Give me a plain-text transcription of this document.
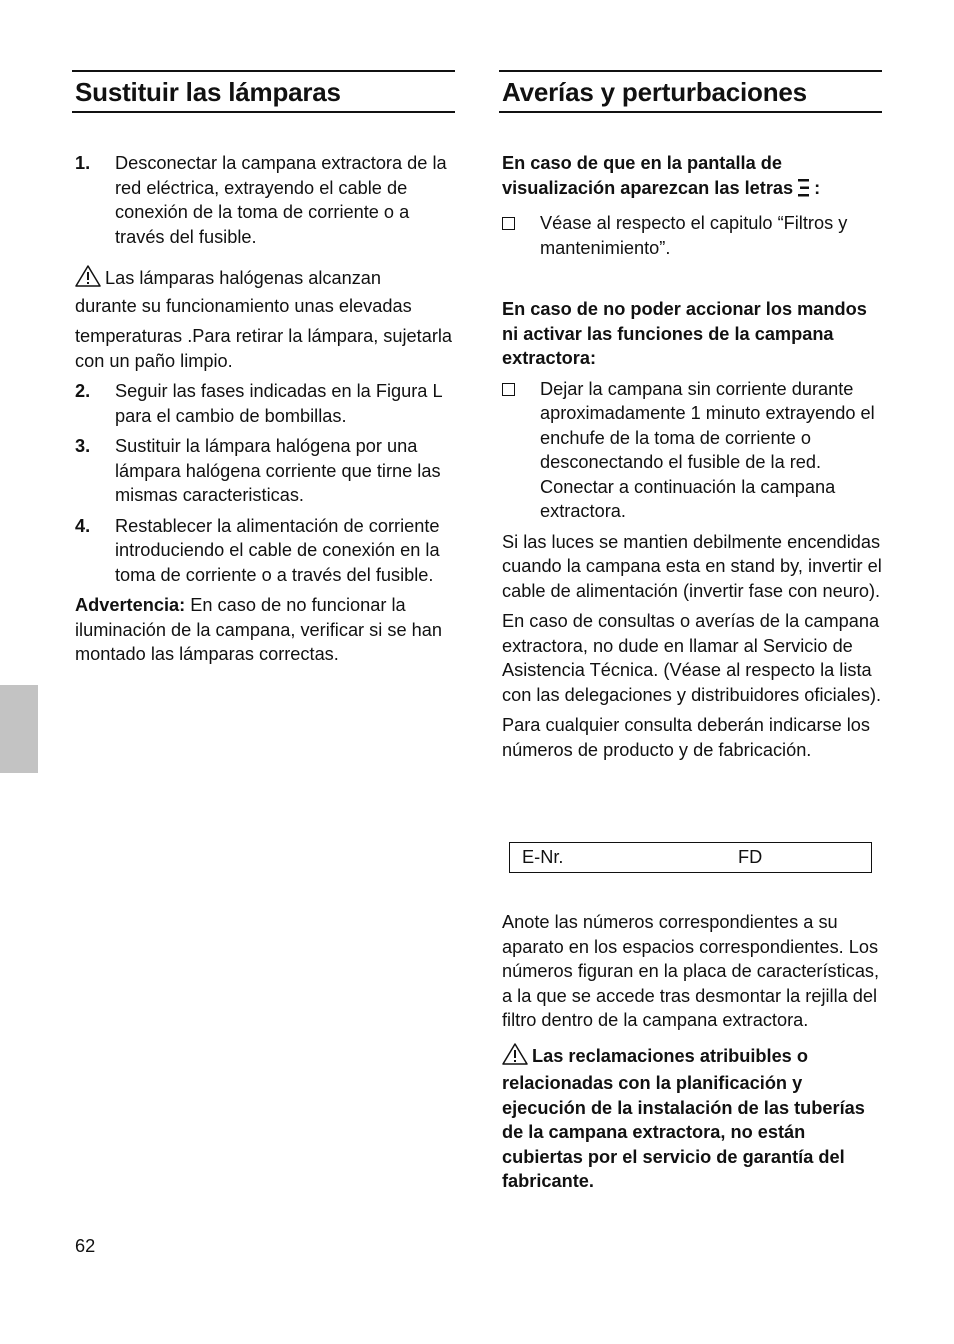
Sustituir las lámparas
1.	Desconectar la campana extractora de la red eléctrica, extrayendo el cable de conexión de la toma de corriente o a través del fusible.
Las lámparas halógenas alcanzan
durante su funcionamiento unas elevadas
temperaturas .Para retirar la lámpara, sujetarla con un paño limpio.
2.	Seguir las fases indicadas en la Figura L para el cambio de bombillas.
3.	Sustituir la lámpara halógena por una lámpara halógena corriente que tirne las mismas caracteristicas.
4.	Restablecer la alimentación de corriente introduciendo el cable de conexión en la toma de corriente o a través del fusible.
Advertencia: En caso de no funcionar la iluminación de la campana, verificar si se han montado las lámparas correctas.
Averías y perturbaciones
En caso de que en la pantalla de
visualización aparezcan las letras :
Véase al respecto el capitulo “Filtros y mantenimiento”.
En caso de no poder accionar los mandos ni activar las funciones de la campana extractora:
Dejar la campana sin corriente durante aproximadamente 1 minuto extrayendo el enchufe de la toma de corriente o desconectando el fusible de la red. Conectar a continuación la campana extractora.
Si las luces se mantien debilmente encendidas cuando la campana esta en stand by, invertir el cable de alimentación (invertir fase con neuro).
En caso de consultas o averías de la campana extractora, no dude en llamar al Servicio de Asistencia Técnica. (Véase al respecto la lista con las delegaciones y distribuidores oficiales).
Para cualquier consulta deberán indicarse los números de producto y de fabricación.
E-Nr.	FD
Anote las números correspondientes a su aparato en los espacios correspondientes. Los números figuran en la placa de características, a la que se accede tras desmontar la rejilla del filtro dentro de la campana extractora.
Las reclamaciones atribuibles o relacionadas con la planificación y ejecución de la instalación de las tuberías de la campana extractora, no están cubiertas por el servicio de garantía del fabricante.
62
